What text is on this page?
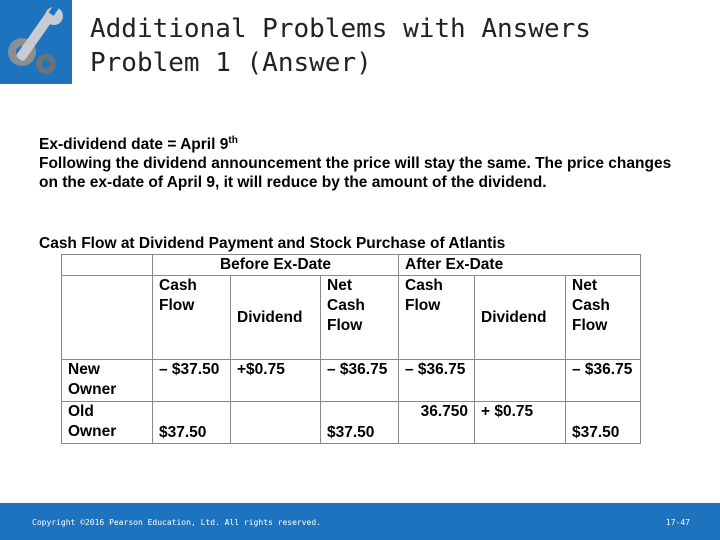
Additional Problems with Answers
Problem 1 (Answer)
Ex-dividend date = April 9th
Following the dividend announcement the price will stay the same. The price changes on the ex-date of April 9, it will reduce by the amount of the dividend.
Cash Flow at Dividend Payment and Stock Purchase of Atlantis
	Before Ex-Date			After Ex-Date		
	Cash Flow	Dividend	Net Cash Flow	Cash Flow	Dividend	Net Cash Flow
New Owner	– $37.50	+$0.75	– $36.75	– $36.75		– $36.75
Old Owner	$37.50		$37.50	36.750	+ $0.75	$37.50
Copyright ©2016 Pearson Education, Ltd. All rights reserved.	17-47
